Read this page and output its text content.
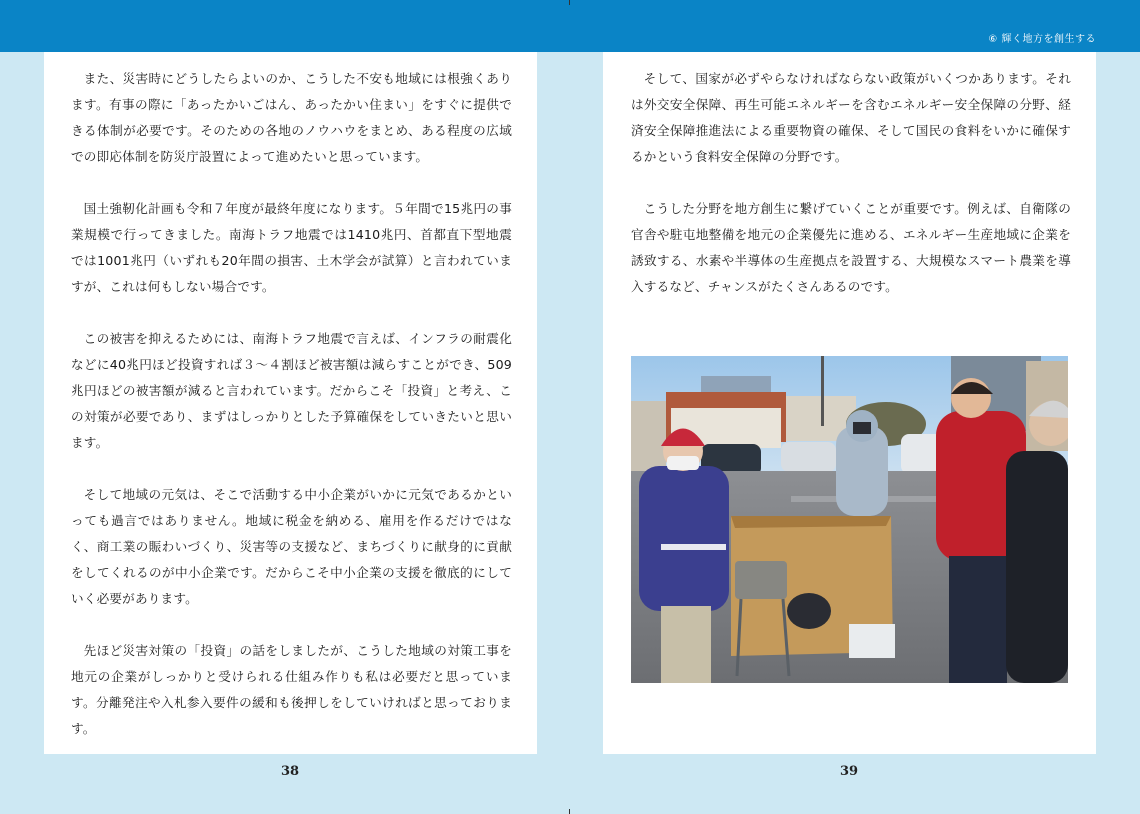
⑥ 輝く地方を創生する

また、災害時にどうしたらよいのか、こうした不安も地域には根強くあります。有事の際に「あったかいごはん、あったかい住まい」をすぐに提供できる体制が必要です。そのための各地のノウハウをまとめ、ある程度の広域での即応体制を防災庁設置によって進めたいと思っています。

国土強靭化計画も令和７年度が最終年度になります。５年間で15兆円の事業規模で行ってきました。南海トラフ地震では1410兆円、首都直下型地震では1001兆円（いずれも20年間の損害、土木学会が試算）と言われていますが、これは何もしない場合です。

この被害を抑えるためには、南海トラフ地震で言えば、インフラの耐震化などに40兆円ほど投資すれば３～４割ほど被害額は減らすことができ、509兆円ほどの被害額が減ると言われています。だからこそ「投資」と考え、この対策が必要であり、まずはしっかりとした予算確保をしていきたいと思います。

そして地域の元気は、そこで活動する中小企業がいかに元気であるかといっても過言ではありません。地域に税金を納める、雇用を作るだけではなく、商工業の賑わいづくり、災害等の支援など、まちづくりに献身的に貢献をしてくれるのが中小企業です。だからこそ中小企業の支援を徹底的にしていく必要があります。

先ほど災害対策の「投資」の話をしましたが、こうした地域の対策工事を地元の企業がしっかりと受けられる仕組み作りも私は必要だと思っています。分離発注や入札参入要件の緩和も後押しをしていければと思っております。

そして、国家が必ずやらなければならない政策がいくつかあります。それは外交安全保障、再生可能エネルギーを含むエネルギー安全保障の分野、経済安全保障推進法による重要物資の確保、そして国民の食料をいかに確保するかという食料安全保障の分野です。

こうした分野を地方創生に繋げていくことが重要です。例えば、自衛隊の官舎や駐屯地整備を地元の企業優先に進める、エネルギー生産地域に企業を誘致する、水素や半導体の生産拠点を設置する、大規模なスマート農業を導入するなど、チャンスがたくさんあるのです。

38	39
